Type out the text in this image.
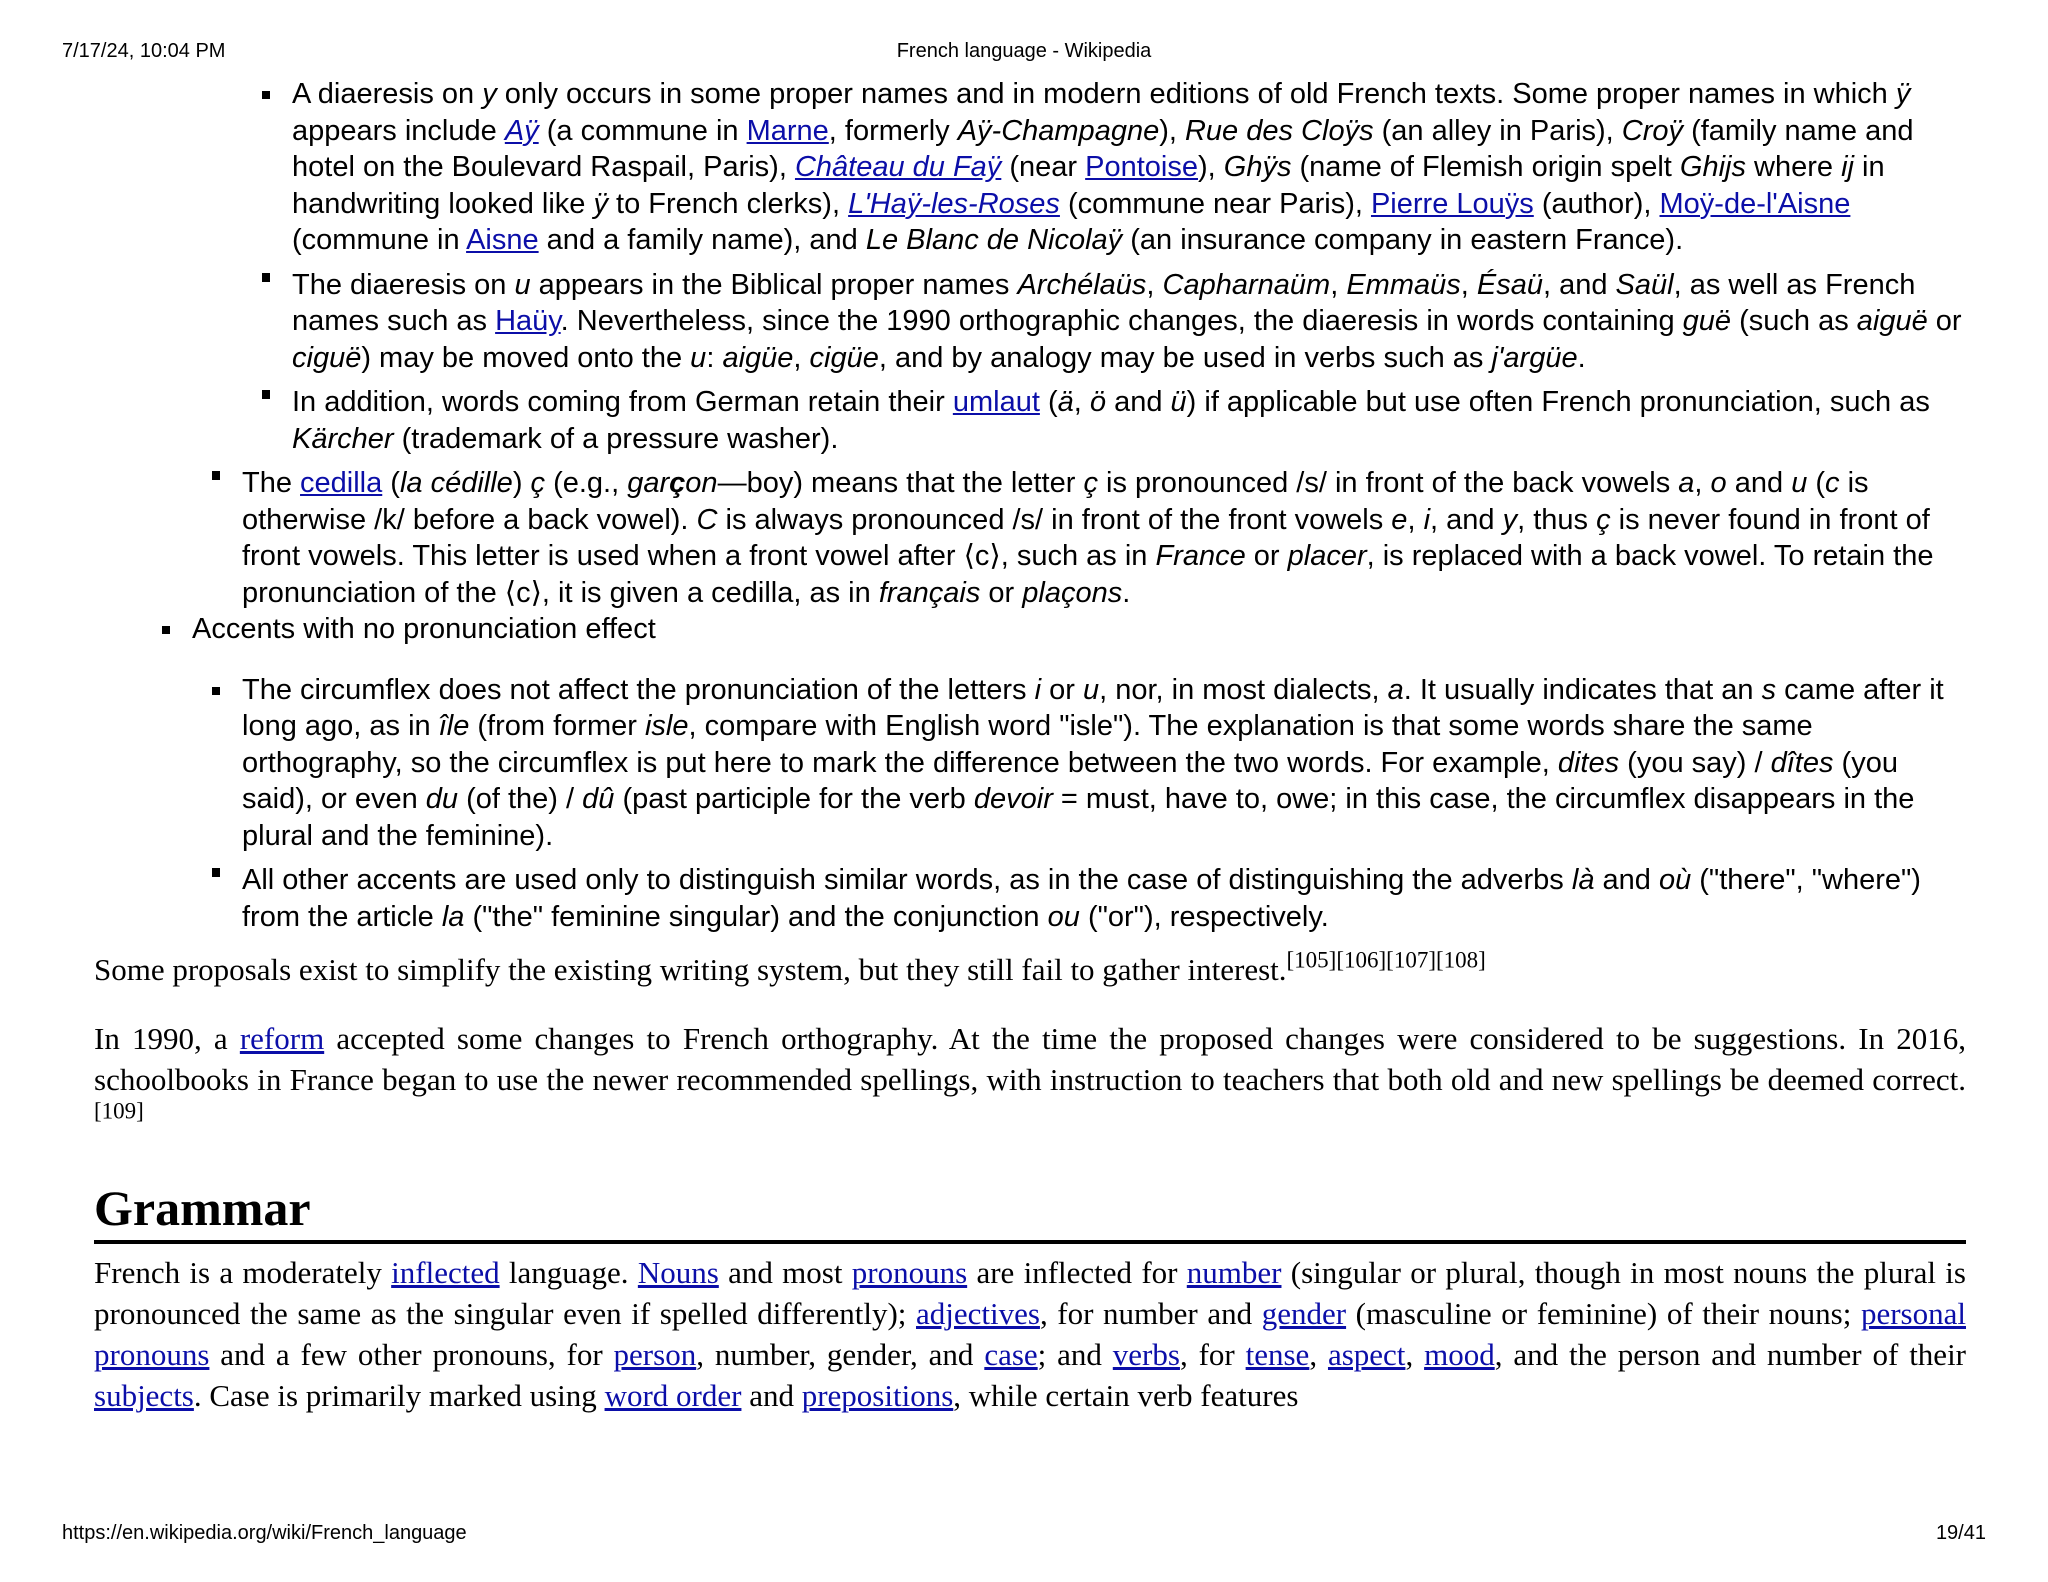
7/17/24, 10:04 PM	French language - Wikipedia
A diaeresis on y only occurs in some proper names and in modern editions of old French texts. Some proper names in which ÿ appears include Aÿ (a commune in Marne, formerly Aÿ-Champagne), Rue des Cloÿs (an alley in Paris), Croÿ (family name and hotel on the Boulevard Raspail, Paris), Château du Faÿ (near Pontoise), Ghÿs (name of Flemish origin spelt Ghijs where ij in handwriting looked like ÿ to French clerks), L'Haÿ-les-Roses (commune near Paris), Pierre Louÿs (author), Moÿ-de-l'Aisne (commune in Aisne and a family name), and Le Blanc de Nicolaÿ (an insurance company in eastern France).
The diaeresis on u appears in the Biblical proper names Archélaüs, Capharnaüm, Emmaüs, Ésaü, and Saül, as well as French names such as Haüy. Nevertheless, since the 1990 orthographic changes, the diaeresis in words containing guë (such as aiguë or ciguë) may be moved onto the u: aigüe, cigüe, and by analogy may be used in verbs such as j'argüe.
In addition, words coming from German retain their umlaut (ä, ö and ü) if applicable but use often French pronunciation, such as Kärcher (trademark of a pressure washer).
The cedilla (la cédille) ç (e.g., garçon—boy) means that the letter ç is pronounced /s/ in front of the back vowels a, o and u (c is otherwise /k/ before a back vowel). C is always pronounced /s/ in front of the front vowels e, i, and y, thus ç is never found in front of front vowels. This letter is used when a front vowel after ⟨c⟩, such as in France or placer, is replaced with a back vowel. To retain the pronunciation of the ⟨c⟩, it is given a cedilla, as in français or plaçons.
Accents with no pronunciation effect
The circumflex does not affect the pronunciation of the letters i or u, nor, in most dialects, a. It usually indicates that an s came after it long ago, as in île (from former isle, compare with English word "isle"). The explanation is that some words share the same orthography, so the circumflex is put here to mark the difference between the two words. For example, dites (you say) / dîtes (you said), or even du (of the) / dû (past participle for the verb devoir = must, have to, owe; in this case, the circumflex disappears in the plural and the feminine).
All other accents are used only to distinguish similar words, as in the case of distinguishing the adverbs là and où ("there", "where") from the article la ("the" feminine singular) and the conjunction ou ("or"), respectively.

Some proposals exist to simplify the existing writing system, but they still fail to gather interest.[105][106][107][108]

In 1990, a reform accepted some changes to French orthography. At the time the proposed changes were considered to be suggestions. In 2016, schoolbooks in France began to use the newer recommended spellings, with instruction to teachers that both old and new spellings be deemed correct.[109]

Grammar

French is a moderately inflected language. Nouns and most pronouns are inflected for number (singular or plural, though in most nouns the plural is pronounced the same as the singular even if spelled differently); adjectives, for number and gender (masculine or feminine) of their nouns; personal pronouns and a few other pronouns, for person, number, gender, and case; and verbs, for tense, aspect, mood, and the person and number of their subjects. Case is primarily marked using word order and prepositions, while certain verb features

https://en.wikipedia.org/wiki/French_language	19/41
